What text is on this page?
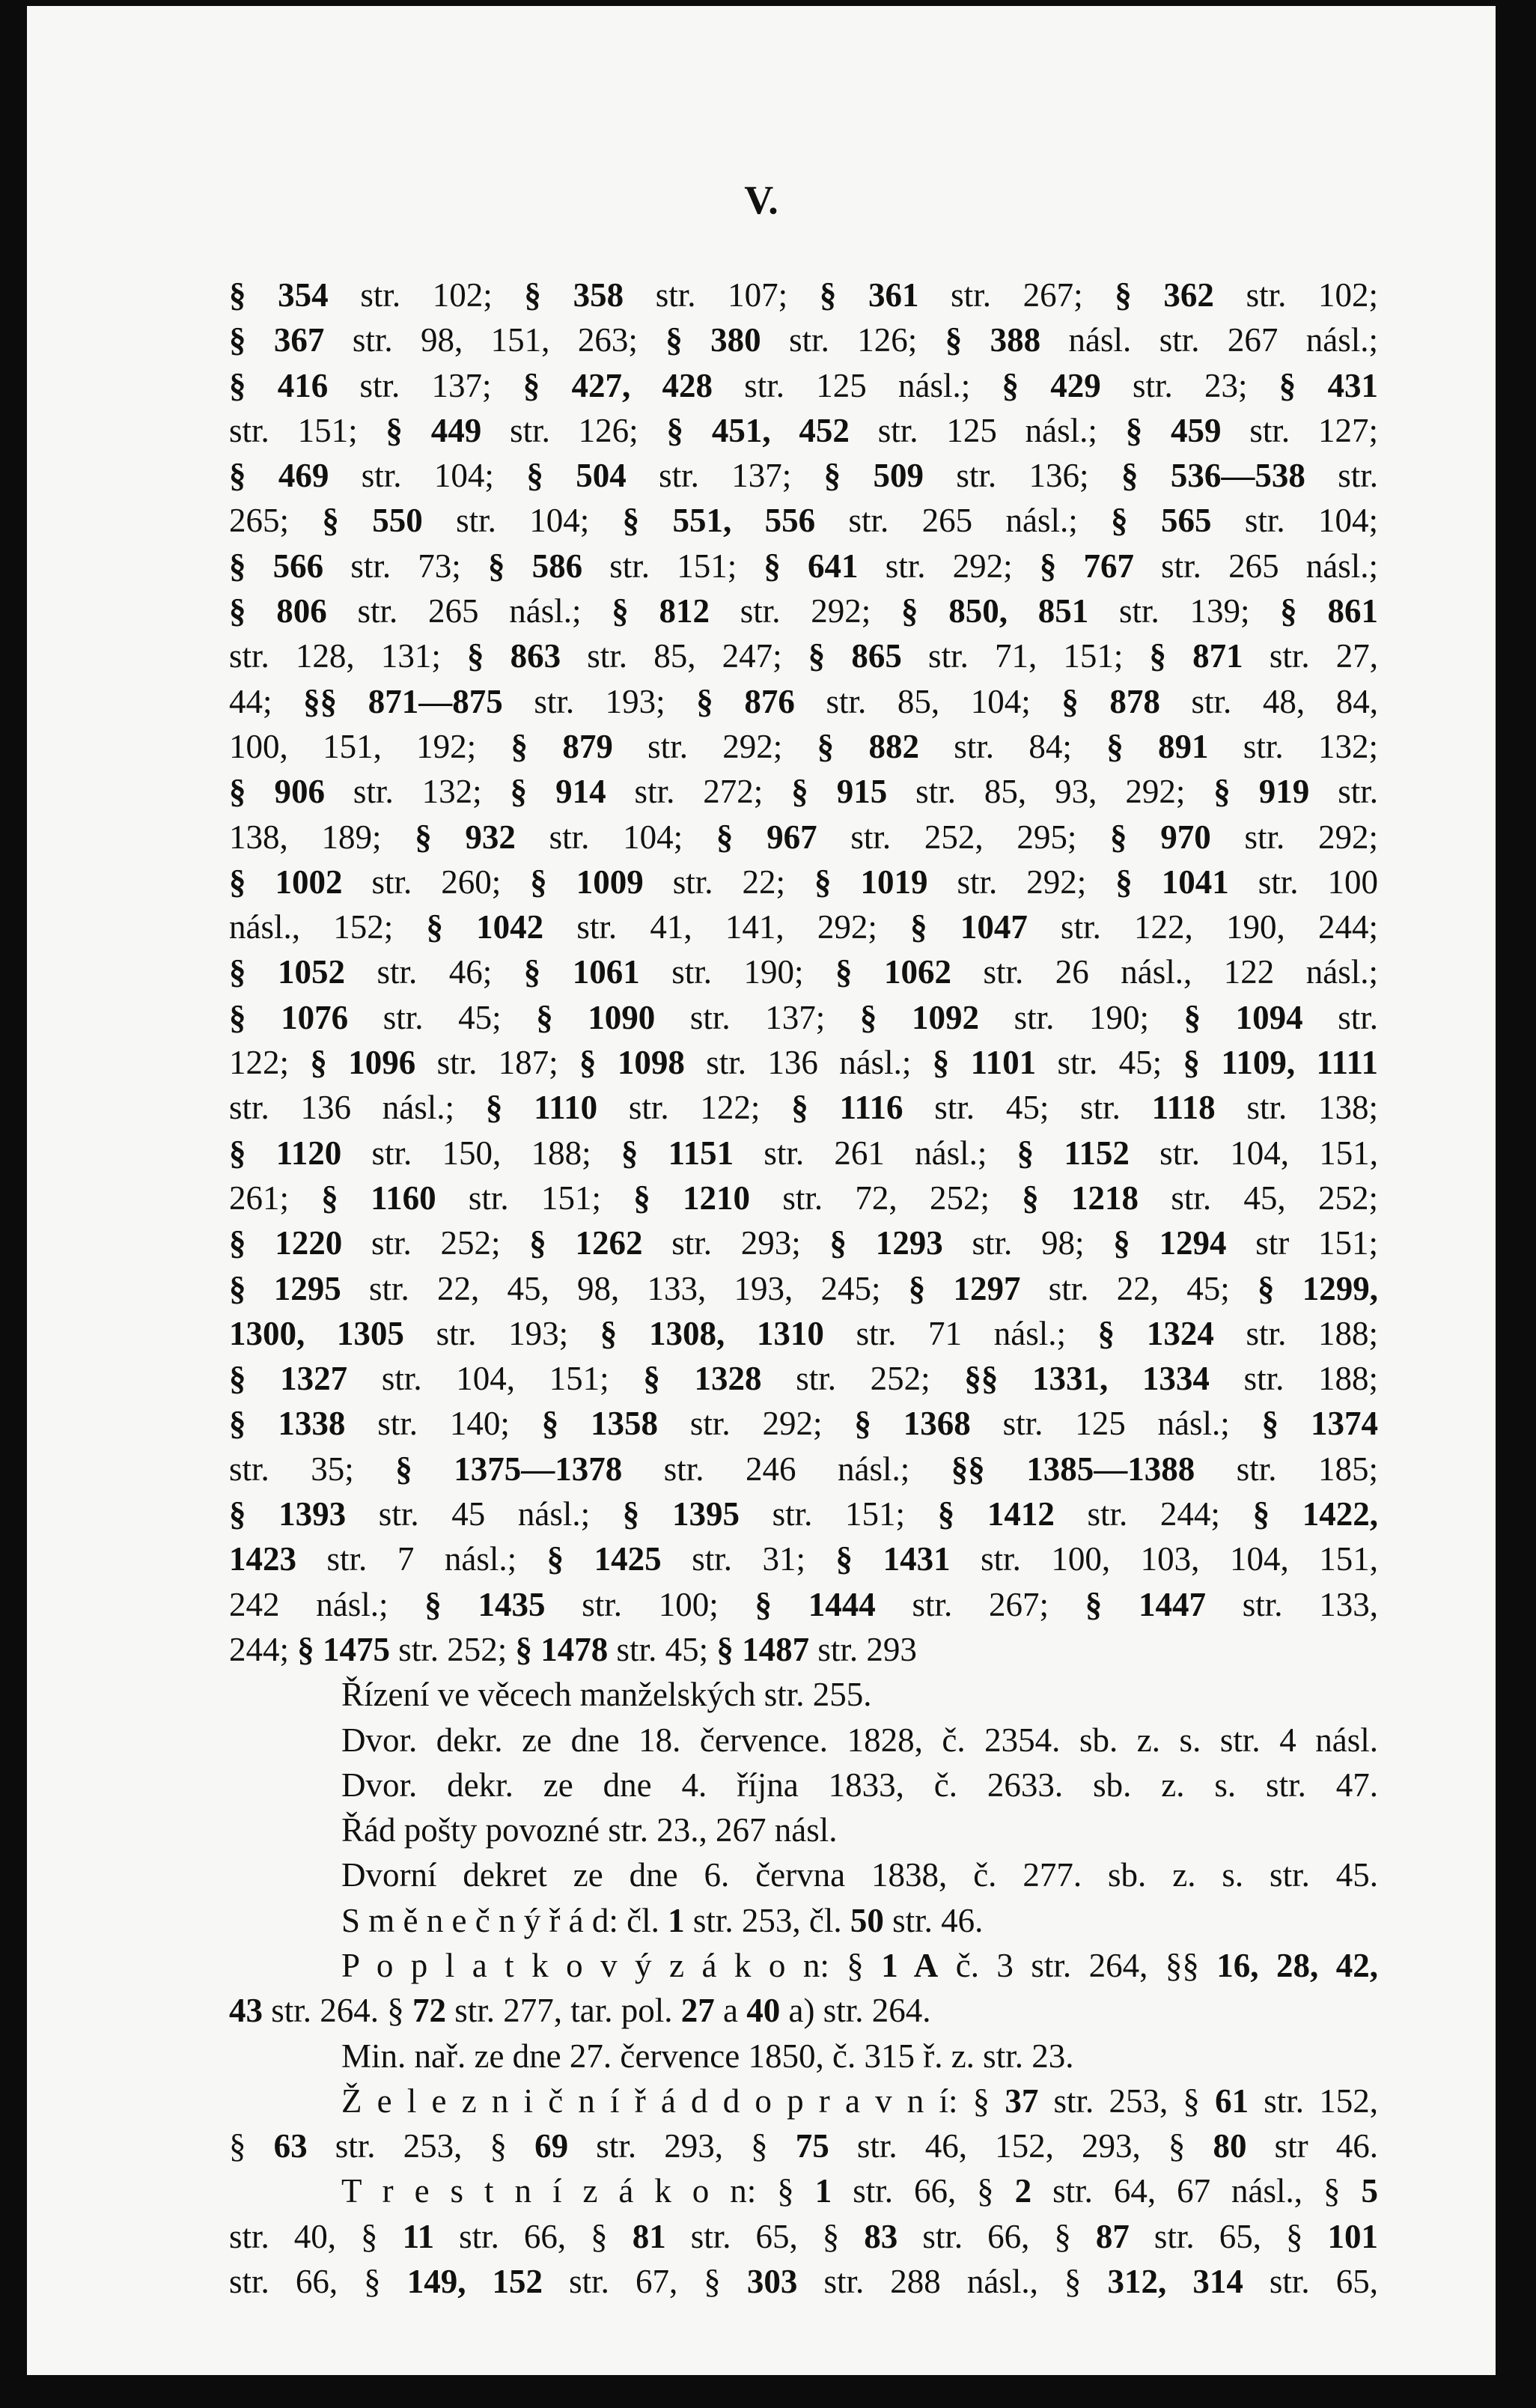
V.
§ 354 str. 102; § 358 str. 107; § 361 str. 267; § 362 str. 102;
§ 367 str. 98, 151, 263; § 380 str. 126; § 388 násl. str. 267 násl.;
§ 416 str. 137; § 427, 428 str. 125 násl.; § 429 str. 23; § 431
str. 151; § 449 str. 126; § 451, 452 str. 125 násl.; § 459 str. 127;
§ 469 str. 104; § 504 str. 137; § 509 str. 136; § 536—538 str.
265; § 550 str. 104; § 551, 556 str. 265 násl.; § 565 str. 104;
§ 566 str. 73; § 586 str. 151; § 641 str. 292; § 767 str. 265 násl.;
§ 806 str. 265 násl.; § 812 str. 292; § 850, 851 str. 139; § 861
str. 128, 131; § 863 str. 85, 247; § 865 str. 71, 151; § 871 str. 27,
44; §§ 871—875 str. 193; § 876 str. 85, 104; § 878 str. 48, 84,
100, 151, 192; § 879 str. 292; § 882 str. 84; § 891 str. 132;
§ 906 str. 132; § 914 str. 272; § 915 str. 85, 93, 292; § 919 str.
138, 189; § 932 str. 104; § 967 str. 252, 295; § 970 str. 292;
§ 1002 str. 260; § 1009 str. 22; § 1019 str. 292; § 1041 str. 100
násl., 152; § 1042 str. 41, 141, 292; § 1047 str. 122, 190, 244;
§ 1052 str. 46; § 1061 str. 190; § 1062 str. 26 násl., 122 násl.;
§ 1076 str. 45; § 1090 str. 137; § 1092 str. 190; § 1094 str.
122; § 1096 str. 187; § 1098 str. 136 násl.; § 1101 str. 45; § 1109, 1111
str. 136 násl.; § 1110 str. 122; § 1116 str. 45; str. 1118 str. 138;
§ 1120 str. 150, 188; § 1151 str. 261 násl.; § 1152 str. 104, 151,
261; § 1160 str. 151; § 1210 str. 72, 252; § 1218 str. 45, 252;
§ 1220 str. 252; § 1262 str. 293; § 1293 str. 98; § 1294 str 151;
§ 1295 str. 22, 45, 98, 133, 193, 245; § 1297 str. 22, 45; § 1299,
1300, 1305 str. 193; § 1308, 1310 str. 71 násl.; § 1324 str. 188;
§ 1327 str. 104, 151; § 1328 str. 252; §§ 1331, 1334 str. 188;
§ 1338 str. 140; § 1358 str. 292; § 1368 str. 125 násl.; § 1374
str. 35; § 1375—1378 str. 246 násl.; §§ 1385—1388 str. 185;
§ 1393 str. 45 násl.; § 1395 str. 151; § 1412 str. 244; § 1422,
1423 str. 7 násl.; § 1425 str. 31; § 1431 str. 100, 103, 104, 151,
242 násl.; § 1435 str. 100; § 1444 str. 267; § 1447 str. 133,
244; § 1475 str. 252; § 1478 str. 45; § 1487 str. 293
Řízení ve věcech manželských str. 255.
Dvor. dekr. ze dne 18. července. 1828, č. 2354. sb. z. s. str. 4 násl.
Dvor. dekr. ze dne 4. října 1833, č. 2633. sb. z. s. str. 47.
Řád pošty povozné str. 23., 267 násl.
Dvorní dekret ze dne 6. června 1838, č. 277. sb. z. s. str. 45.
S m ě n e č n ý ř á d: čl. 1 str. 253, čl. 50 str. 46.
P o p l a t k o v ý z á k o n: § 1 A č. 3 str. 264, §§ 16, 28, 42,
43 str. 264. § 72 str. 277, tar. pol. 27 a 40 a) str. 264.
Min. nař. ze dne 27. července 1850, č. 315 ř. z. str. 23.
Ž e l e z n i č n í ř á d d o p r a v n í: § 37 str. 253, § 61 str. 152,
§ 63 str. 253, § 69 str. 293, § 75 str. 46, 152, 293, § 80 str 46.
T r e s t n í z á k o n: § 1 str. 66, § 2 str. 64, 67 násl., § 5
str. 40, § 11 str. 66, § 81 str. 65, § 83 str. 66, § 87 str. 65, § 101
str. 66, § 149, 152 str. 67, § 303 str. 288 násl., § 312, 314 str. 65,
